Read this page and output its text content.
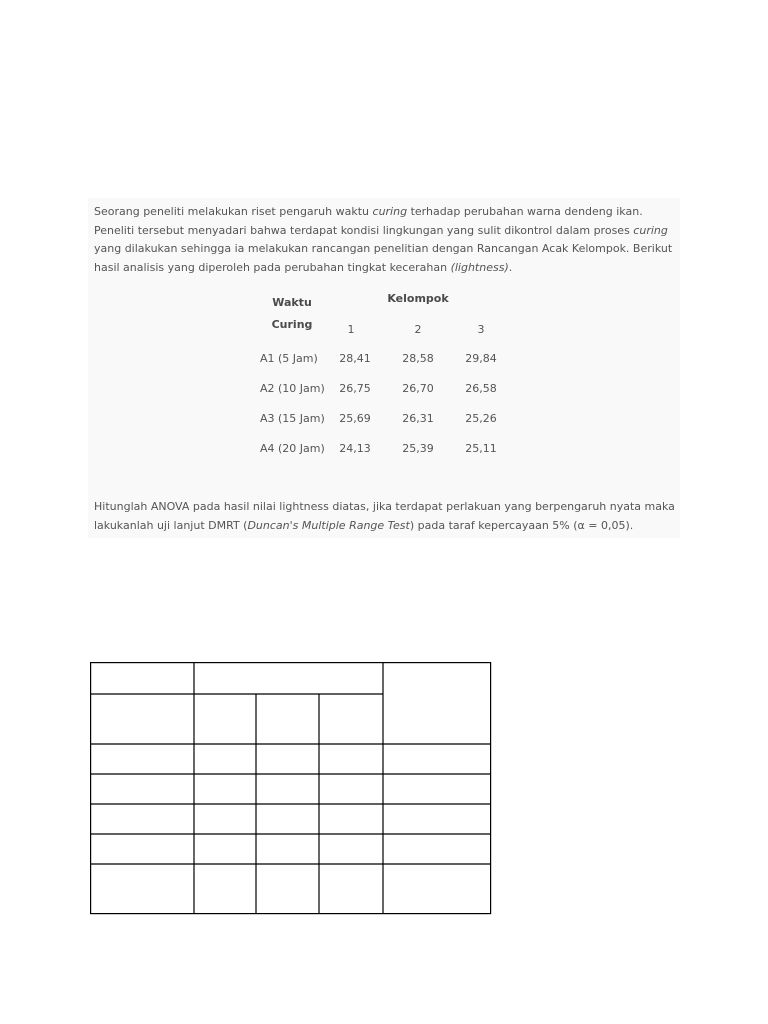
Seorang peneliti melakukan riset pengaruh waktu curing terhadap perubahan warna dendeng ikan. Peneliti tersebut menyadari bahwa terdapat kondisi lingkungan yang sulit dikontrol dalam proses curing yang dilakukan sehingga ia melakukan rancangan penelitian dengan Rancangan Acak Kelompok. Berikut hasil analisis yang diperoleh pada perubahan tingkat kecerahan (lightness).

Waktu
Curing
Kelompok
1	2	3
A1 (5 Jam)	28,41	28,58	29,84
A2 (10 Jam)	26,75	26,70	26,58
A3 (15 Jam)	25,69	26,31	25,26
A4 (20 Jam)	24,13	25,39	25,11

Hitunglah ANOVA pada hasil nilai lightness diatas, jika terdapat perlakuan yang berpengaruh nyata maka lakukanlah uji lanjut DMRT (Duncan's Multiple Range Test) pada taraf kepercayaan 5% (α = 0,05).
